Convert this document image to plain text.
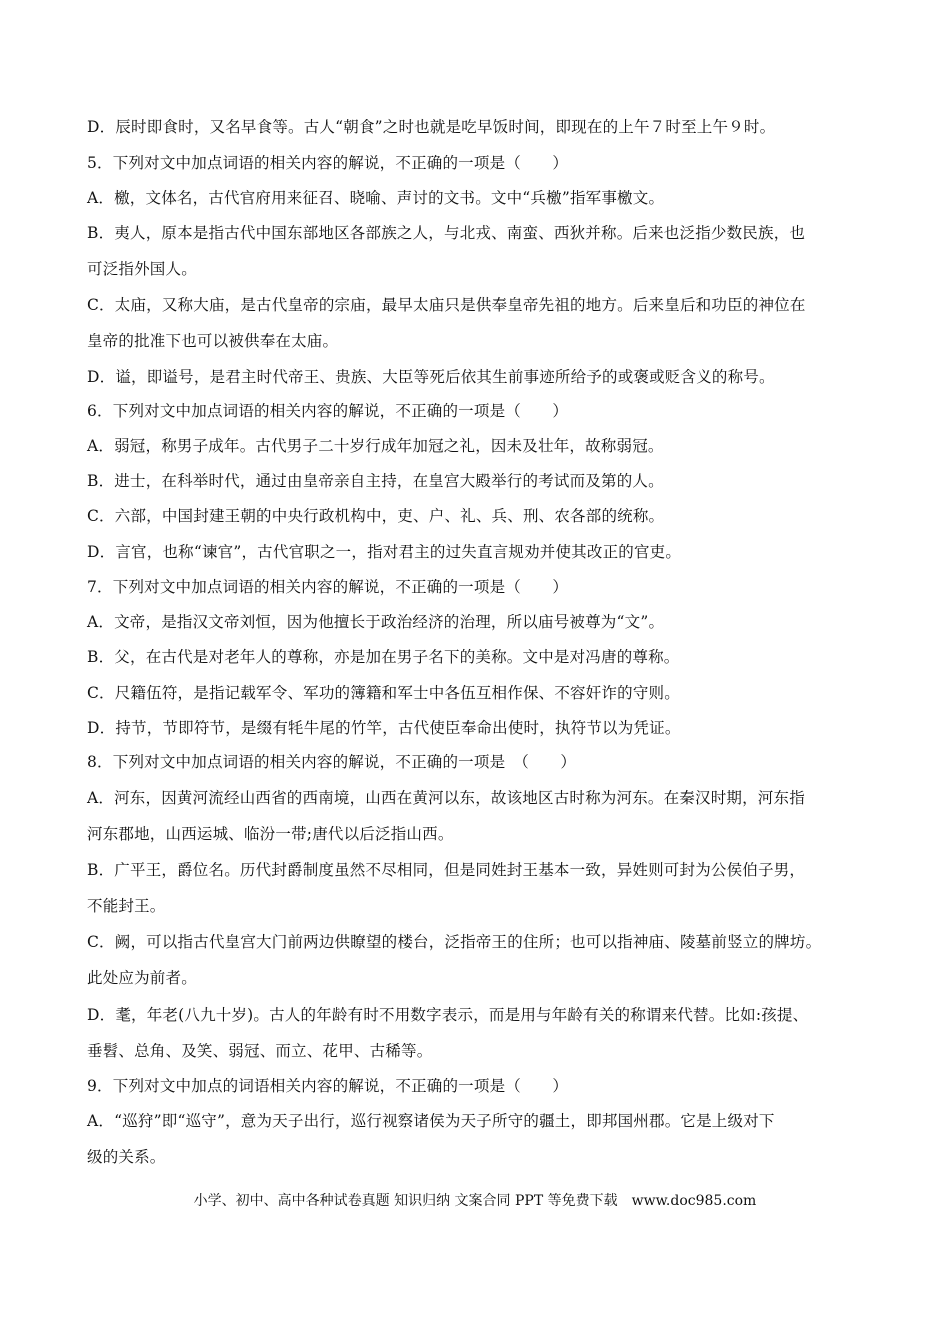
D．辰时即食时，又名早食等。古人“朝食”之时也就是吃早饭时间，即现在的上午７时至上午９时。
5．下列对文中加点词语的相关内容的解说，不正确的一项是（　　）
A．檄，文体名，古代官府用来征召、晓喻、声讨的文书。文中“兵檄”指军事檄文。
B．夷人，原本是指古代中国东部地区各部族之人，与北戎、南蛮、西狄并称。后来也泛指少数民族，也
可泛指外国人。
C．太庙，又称大庙，是古代皇帝的宗庙，最早太庙只是供奉皇帝先祖的地方。后来皇后和功臣的神位在
皇帝的批准下也可以被供奉在太庙。
D．谥，即谥号，是君主时代帝王、贵族、大臣等死后依其生前事迹所给予的或褒或贬含义的称号。
6．下列对文中加点词语的相关内容的解说，不正确的一项是（　　）
A．弱冠，称男子成年。古代男子二十岁行成年加冠之礼，因未及壮年，故称弱冠。
B．进士，在科举时代，通过由皇帝亲自主持，在皇宫大殿举行的考试而及第的人。
C．六部，中国封建王朝的中央行政机构中，吏、户、礼、兵、刑、农各部的统称。
D．言官，也称“谏官”，古代官职之一，指对君主的过失直言规劝并使其改正的官吏。
7．下列对文中加点词语的相关内容的解说，不正确的一项是（　　）
A．文帝，是指汉文帝刘恒，因为他擅长于政治经济的治理，所以庙号被尊为“文”。
B．父，在古代是对老年人的尊称，亦是加在男子名下的美称。文中是对冯唐的尊称。
C．尺籍伍符，是指记载军令、军功的簿籍和军士中各伍互相作保、不容奸诈的守则。
D．持节，节即符节，是缀有牦牛尾的竹竿，古代使臣奉命出使时，执符节以为凭证。
8．下列对文中加点词语的相关内容的解说，不正确的一项是　（　　）
A．河东，因黄河流经山西省的西南境，山西在黄河以东，故该地区古时称为河东。在秦汉时期，河东指
河东郡地，山西运城、临汾一带;唐代以后泛指山西。
B．广平王，爵位名。历代封爵制度虽然不尽相同，但是同姓封王基本一致，异姓则可封为公侯伯子男，
不能封王。
C．阙，可以指古代皇宫大门前两边供瞭望的楼台，泛指帝王的住所；也可以指神庙、陵墓前竖立的牌坊。
此处应为前者。
D．耄，年老(八九十岁)。古人的年龄有时不用数字表示，而是用与年龄有关的称谓来代替。比如:孩提、
垂髫、总角、及笑、弱冠、而立、花甲、古稀等。
9．下列对文中加点的词语相关内容的解说，不正确的一项是（　　）
A．“巡狩”即“巡守”，意为天子出行，巡行视察诸侯为天子所守的疆土，即邦国州郡。它是上级对下
级的关系。
小学、初中、高中各种试卷真题 知识归纳 文案合同 PPT 等免费下载　www.doc985.com
